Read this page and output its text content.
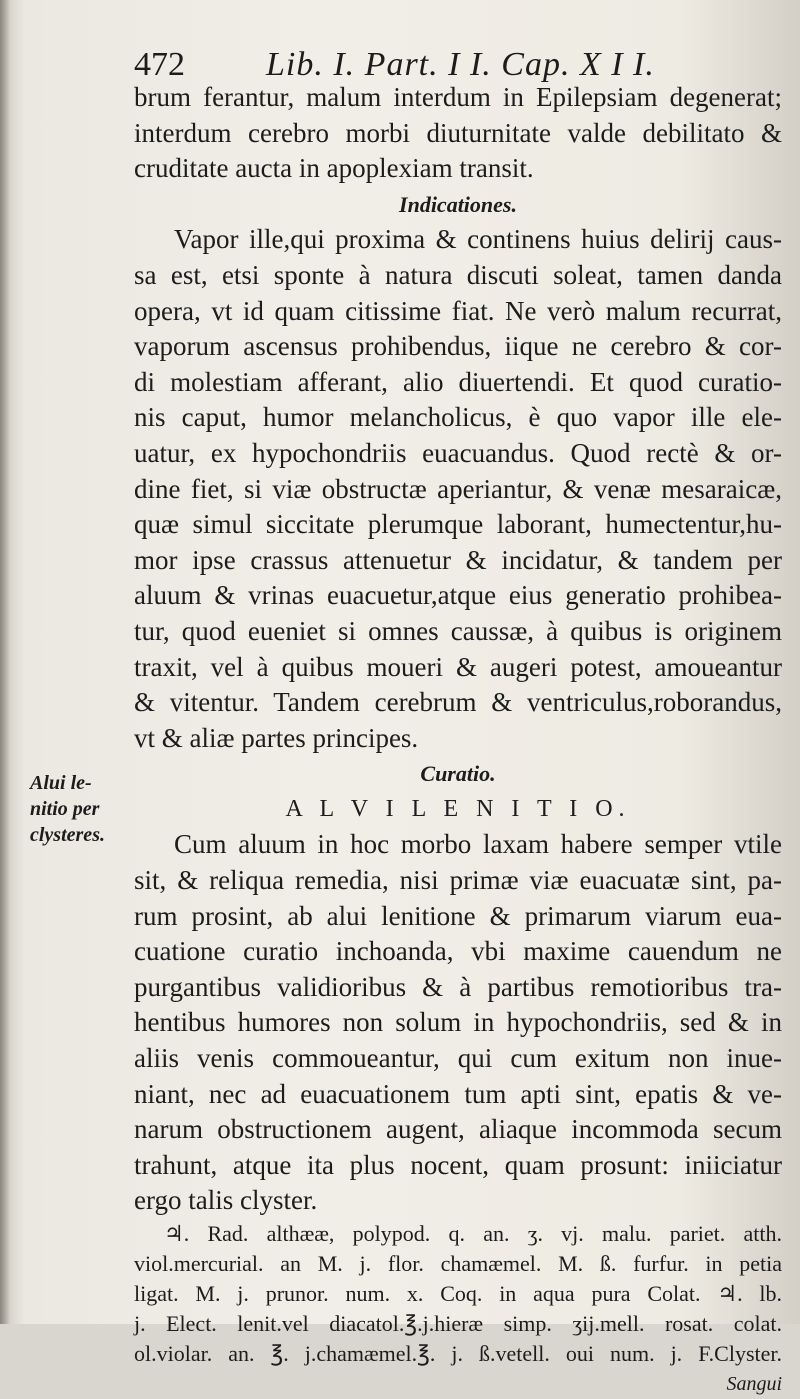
472 Lib. I. Part. I I. Cap. X I I.
Alui le-
nitio per
clysteres.
brum ferantur, malum interdum in Epilepsiam degenerat;
interdum cerebro morbi diuturnitate valde debilitato &
cruditate aucta in apoplexiam transit.
Indicationes.
Vapor ille,qui proxima & continens huius delirij caus-
sa est, etsi sponte à natura discuti soleat, tamen danda
opera, vt id quam citissime fiat. Ne verò malum recurrat,
vaporum ascensus prohibendus, iique ne cerebro & cor-
di molestiam afferant, alio diuertendi. Et quod curatio-
nis caput, humor melancholicus, è quo vapor ille ele-
uatur, ex hypochondriis euacuandus. Quod rectè & or-
dine fiet, si viæ obstructæ aperiantur, & venæ mesaraicæ,
quæ simul siccitate plerumque laborant, humectentur,hu-
mor ipse crassus attenuetur & incidatur, & tandem per
aluum & vrinas euacuetur,atque eius generatio prohibea-
tur, quod eueniet si omnes caussæ, à quibus is originem
traxit, vel à quibus moueri & augeri potest, amoueantur
& vitentur. Tandem cerebrum & ventriculus,roborandus,
vt & aliæ partes principes.
Curatio.
A L V I L E N I T I O.
Cum aluum in hoc morbo laxam habere semper vtile
sit, & reliqua remedia, nisi primæ viæ euacuatæ sint, pa-
rum prosint, ab alui lenitione & primarum viarum eua-
cuatione curatio inchoanda, vbi maxime cauendum ne
purgantibus validioribus & à partibus remotioribus tra-
hentibus humores non solum in hypochondriis, sed & in
aliis venis commoueantur, qui cum exitum non inue-
niant, nec ad euacuationem tum apti sint, epatis & ve-
narum obstructionem augent, aliaque incommoda secum
trahunt, atque ita plus nocent, quam prosunt: iniiciatur
ergo talis clyster.
♃. Rad. althææ, polypod. q. an. ʒ. vj. malu. pariet. atth.
viol.mercurial. an M. j. flor. chamæmel. M. ß. furfur. in petia
ligat. M. j. prunor. num. x. Coq. in aqua pura Colat. ♃. lb.
j. Elect. lenit.vel diacatol.℥.j.hieræ simp. ʒij.mell. rosat. colat.
ol.violar. an. ℥. j.chamæmel.℥. j. ß.vetell. oui num. j. F.Clyster.
Sangui
